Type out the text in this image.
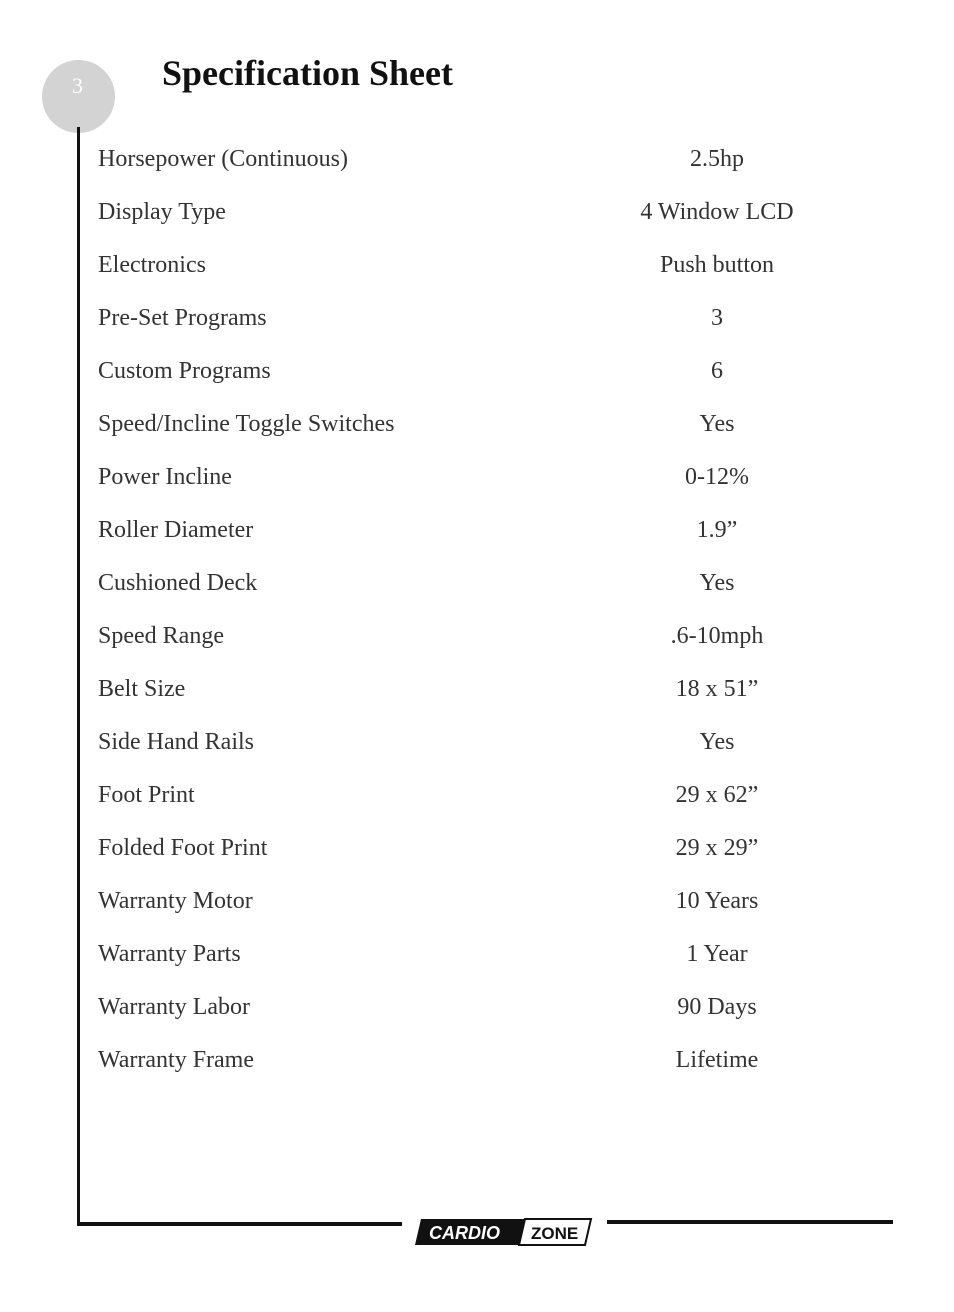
3 Specification Sheet
Horsepower (Continuous)	2.5hp
Display Type	4 Window LCD
Electronics	Push button
Pre-Set Programs	3
Custom Programs	6
Speed/Incline Toggle Switches	Yes
Power Incline	0-12%
Roller Diameter	1.9”
Cushioned Deck	Yes
Speed Range	.6-10mph
Belt Size	18 x 51”
Side Hand Rails	Yes
Foot Print	29 x 62”
Folded Foot Print	29 x 29”
Warranty Motor	10 Years
Warranty Parts	1 Year
Warranty Labor	90 Days
Warranty Frame	Lifetime
CARDIO ZONE
